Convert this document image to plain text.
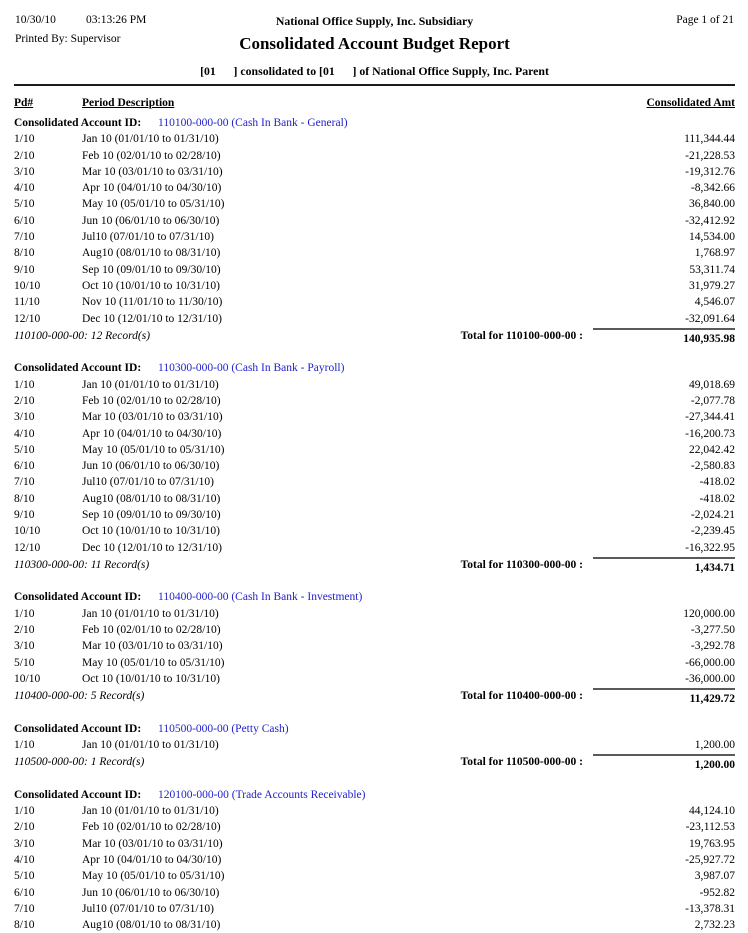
10/30/10	03:13:26 PM	National Office Supply, Inc. Subsidiary	Page 1 of 21
Printed By: Supervisor	Consolidated Account Budget Report
[01      ] consolidated to [01      ] of National Office Supply, Inc. Parent
Pd#	Period Description	Consolidated Amt
Consolidated Account ID:	110100-000-00 (Cash In Bank - General)
1/10	Jan 10 (01/01/10 to 01/31/10)	111,344.44
2/10	Feb 10 (02/01/10 to 02/28/10)	-21,228.53
3/10	Mar 10 (03/01/10 to 03/31/10)	-19,312.76
4/10	Apr 10 (04/01/10 to 04/30/10)	-8,342.66
5/10	May 10 (05/01/10 to 05/31/10)	36,840.00
6/10	Jun 10 (06/01/10 to 06/30/10)	-32,412.92
7/10	Jul10 (07/01/10 to 07/31/10)	14,534.00
8/10	Aug10 (08/01/10 to 08/31/10)	1,768.97
9/10	Sep 10 (09/01/10 to 09/30/10)	53,311.74
10/10	Oct 10 (10/01/10 to 10/31/10)	31,979.27
11/10	Nov 10 (11/01/10 to 11/30/10)	4,546.07
12/10	Dec 10 (12/01/10 to 12/31/10)	-32,091.64
110100-000-00: 12 Record(s)	Total for 110100-000-00 :	140,935.98
Consolidated Account ID:	110300-000-00 (Cash In Bank - Payroll)
1/10	Jan 10 (01/01/10 to 01/31/10)	49,018.69
2/10	Feb 10 (02/01/10 to 02/28/10)	-2,077.78
3/10	Mar 10 (03/01/10 to 03/31/10)	-27,344.41
4/10	Apr 10 (04/01/10 to 04/30/10)	-16,200.73
5/10	May 10 (05/01/10 to 05/31/10)	22,042.42
6/10	Jun 10 (06/01/10 to 06/30/10)	-2,580.83
7/10	Jul10 (07/01/10 to 07/31/10)	-418.02
8/10	Aug10 (08/01/10 to 08/31/10)	-418.02
9/10	Sep 10 (09/01/10 to 09/30/10)	-2,024.21
10/10	Oct 10 (10/01/10 to 10/31/10)	-2,239.45
12/10	Dec 10 (12/01/10 to 12/31/10)	-16,322.95
110300-000-00: 11 Record(s)	Total for 110300-000-00 :	1,434.71
Consolidated Account ID:	110400-000-00 (Cash In Bank - Investment)
1/10	Jan 10 (01/01/10 to 01/31/10)	120,000.00
2/10	Feb 10 (02/01/10 to 02/28/10)	-3,277.50
3/10	Mar 10 (03/01/10 to 03/31/10)	-3,292.78
5/10	May 10 (05/01/10 to 05/31/10)	-66,000.00
10/10	Oct 10 (10/01/10 to 10/31/10)	-36,000.00
110400-000-00: 5 Record(s)	Total for 110400-000-00 :	11,429.72
Consolidated Account ID:	110500-000-00 (Petty Cash)
1/10	Jan 10 (01/01/10 to 01/31/10)	1,200.00
110500-000-00: 1 Record(s)	Total for 110500-000-00 :	1,200.00
Consolidated Account ID:	120100-000-00 (Trade Accounts Receivable)
1/10	Jan 10 (01/01/10 to 01/31/10)	44,124.10
2/10	Feb 10 (02/01/10 to 02/28/10)	-23,112.53
3/10	Mar 10 (03/01/10 to 03/31/10)	19,763.95
4/10	Apr 10 (04/01/10 to 04/30/10)	-25,927.72
5/10	May 10 (05/01/10 to 05/31/10)	3,987.07
6/10	Jun 10 (06/01/10 to 06/30/10)	-952.82
7/10	Jul10 (07/01/10 to 07/31/10)	-13,378.31
8/10	Aug10 (08/01/10 to 08/31/10)	2,732.23
